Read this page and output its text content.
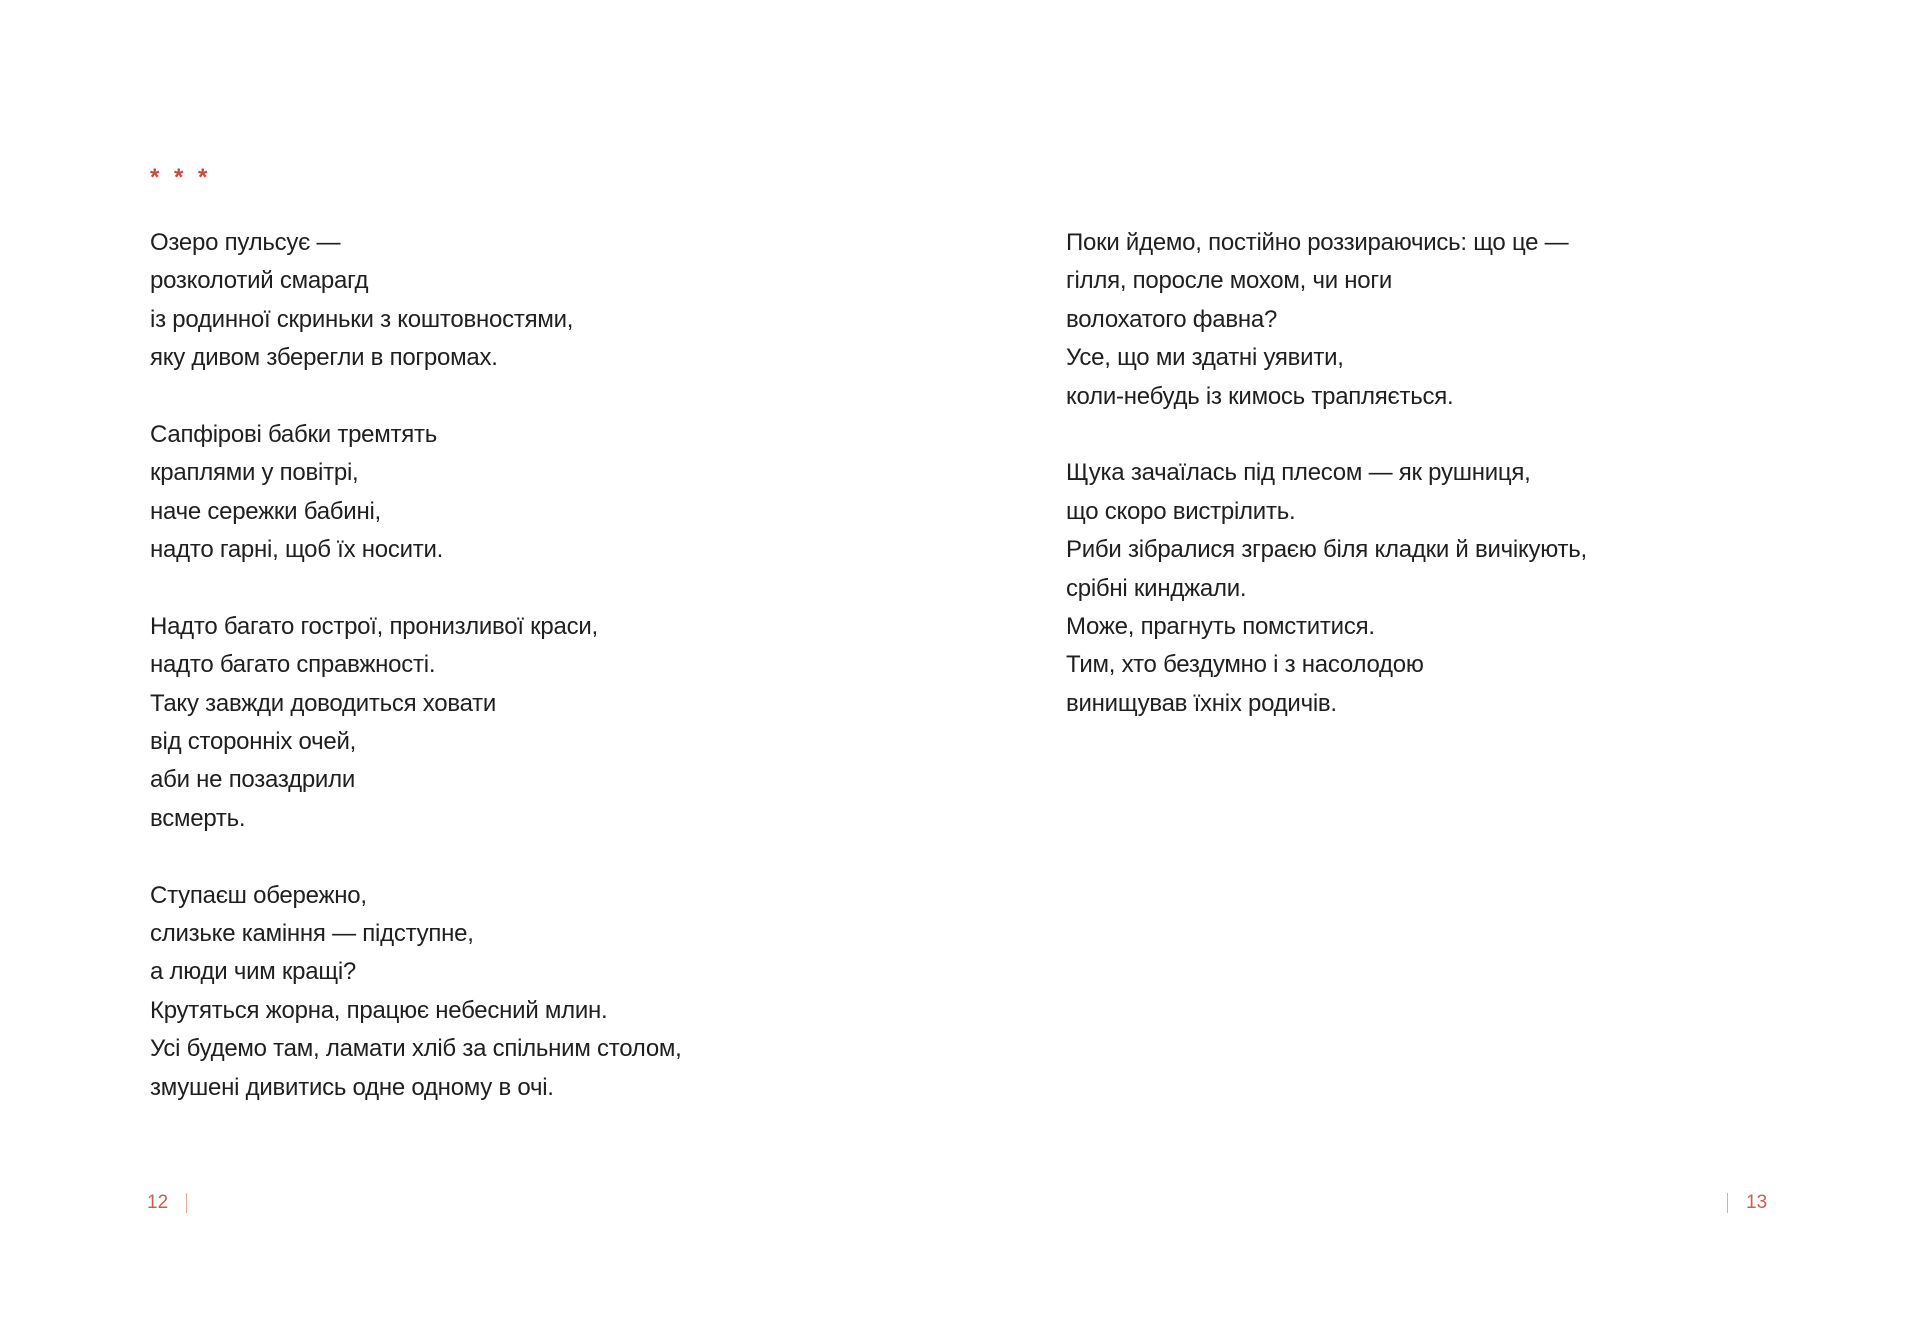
* * *
Озеро пульсує —
розколотий смарагд
із родинної скриньки з коштовностями,
яку дивом зберегли в погромах.
Сапфірові бабки тремтять
краплями у повітрі,
наче сережки бабині,
надто гарні, щоб їх носити.
Надто багато гострої, пронизливої краси,
надто багато справжності.
Таку завжди доводиться ховати
від сторонніх очей,
аби не позаздрили
всмерть.
Ступаєш обережно,
слизьке каміння — підступне,
а люди чим кращі?
Крутяться жорна, працює небесний млин.
Усі будемо там, ламати хліб за спільним столом,
змушені дивитись одне одному в очі.
12
Поки йдемо, постійно роззираючись: що це —
гілля, поросле мохом, чи ноги
волохатого фавна?
Усе, що ми здатні уявити,
коли-небудь із кимось трапляється.
Щука зачаїлась під плесом — як рушниця,
що скоро вистрілить.
Риби зібралися зграєю біля кладки й вичікують,
срібні кинджали.
Може, прагнуть помститися.
Тим, хто бездумно і з насолодою
винищував їхніх родичів.
13
